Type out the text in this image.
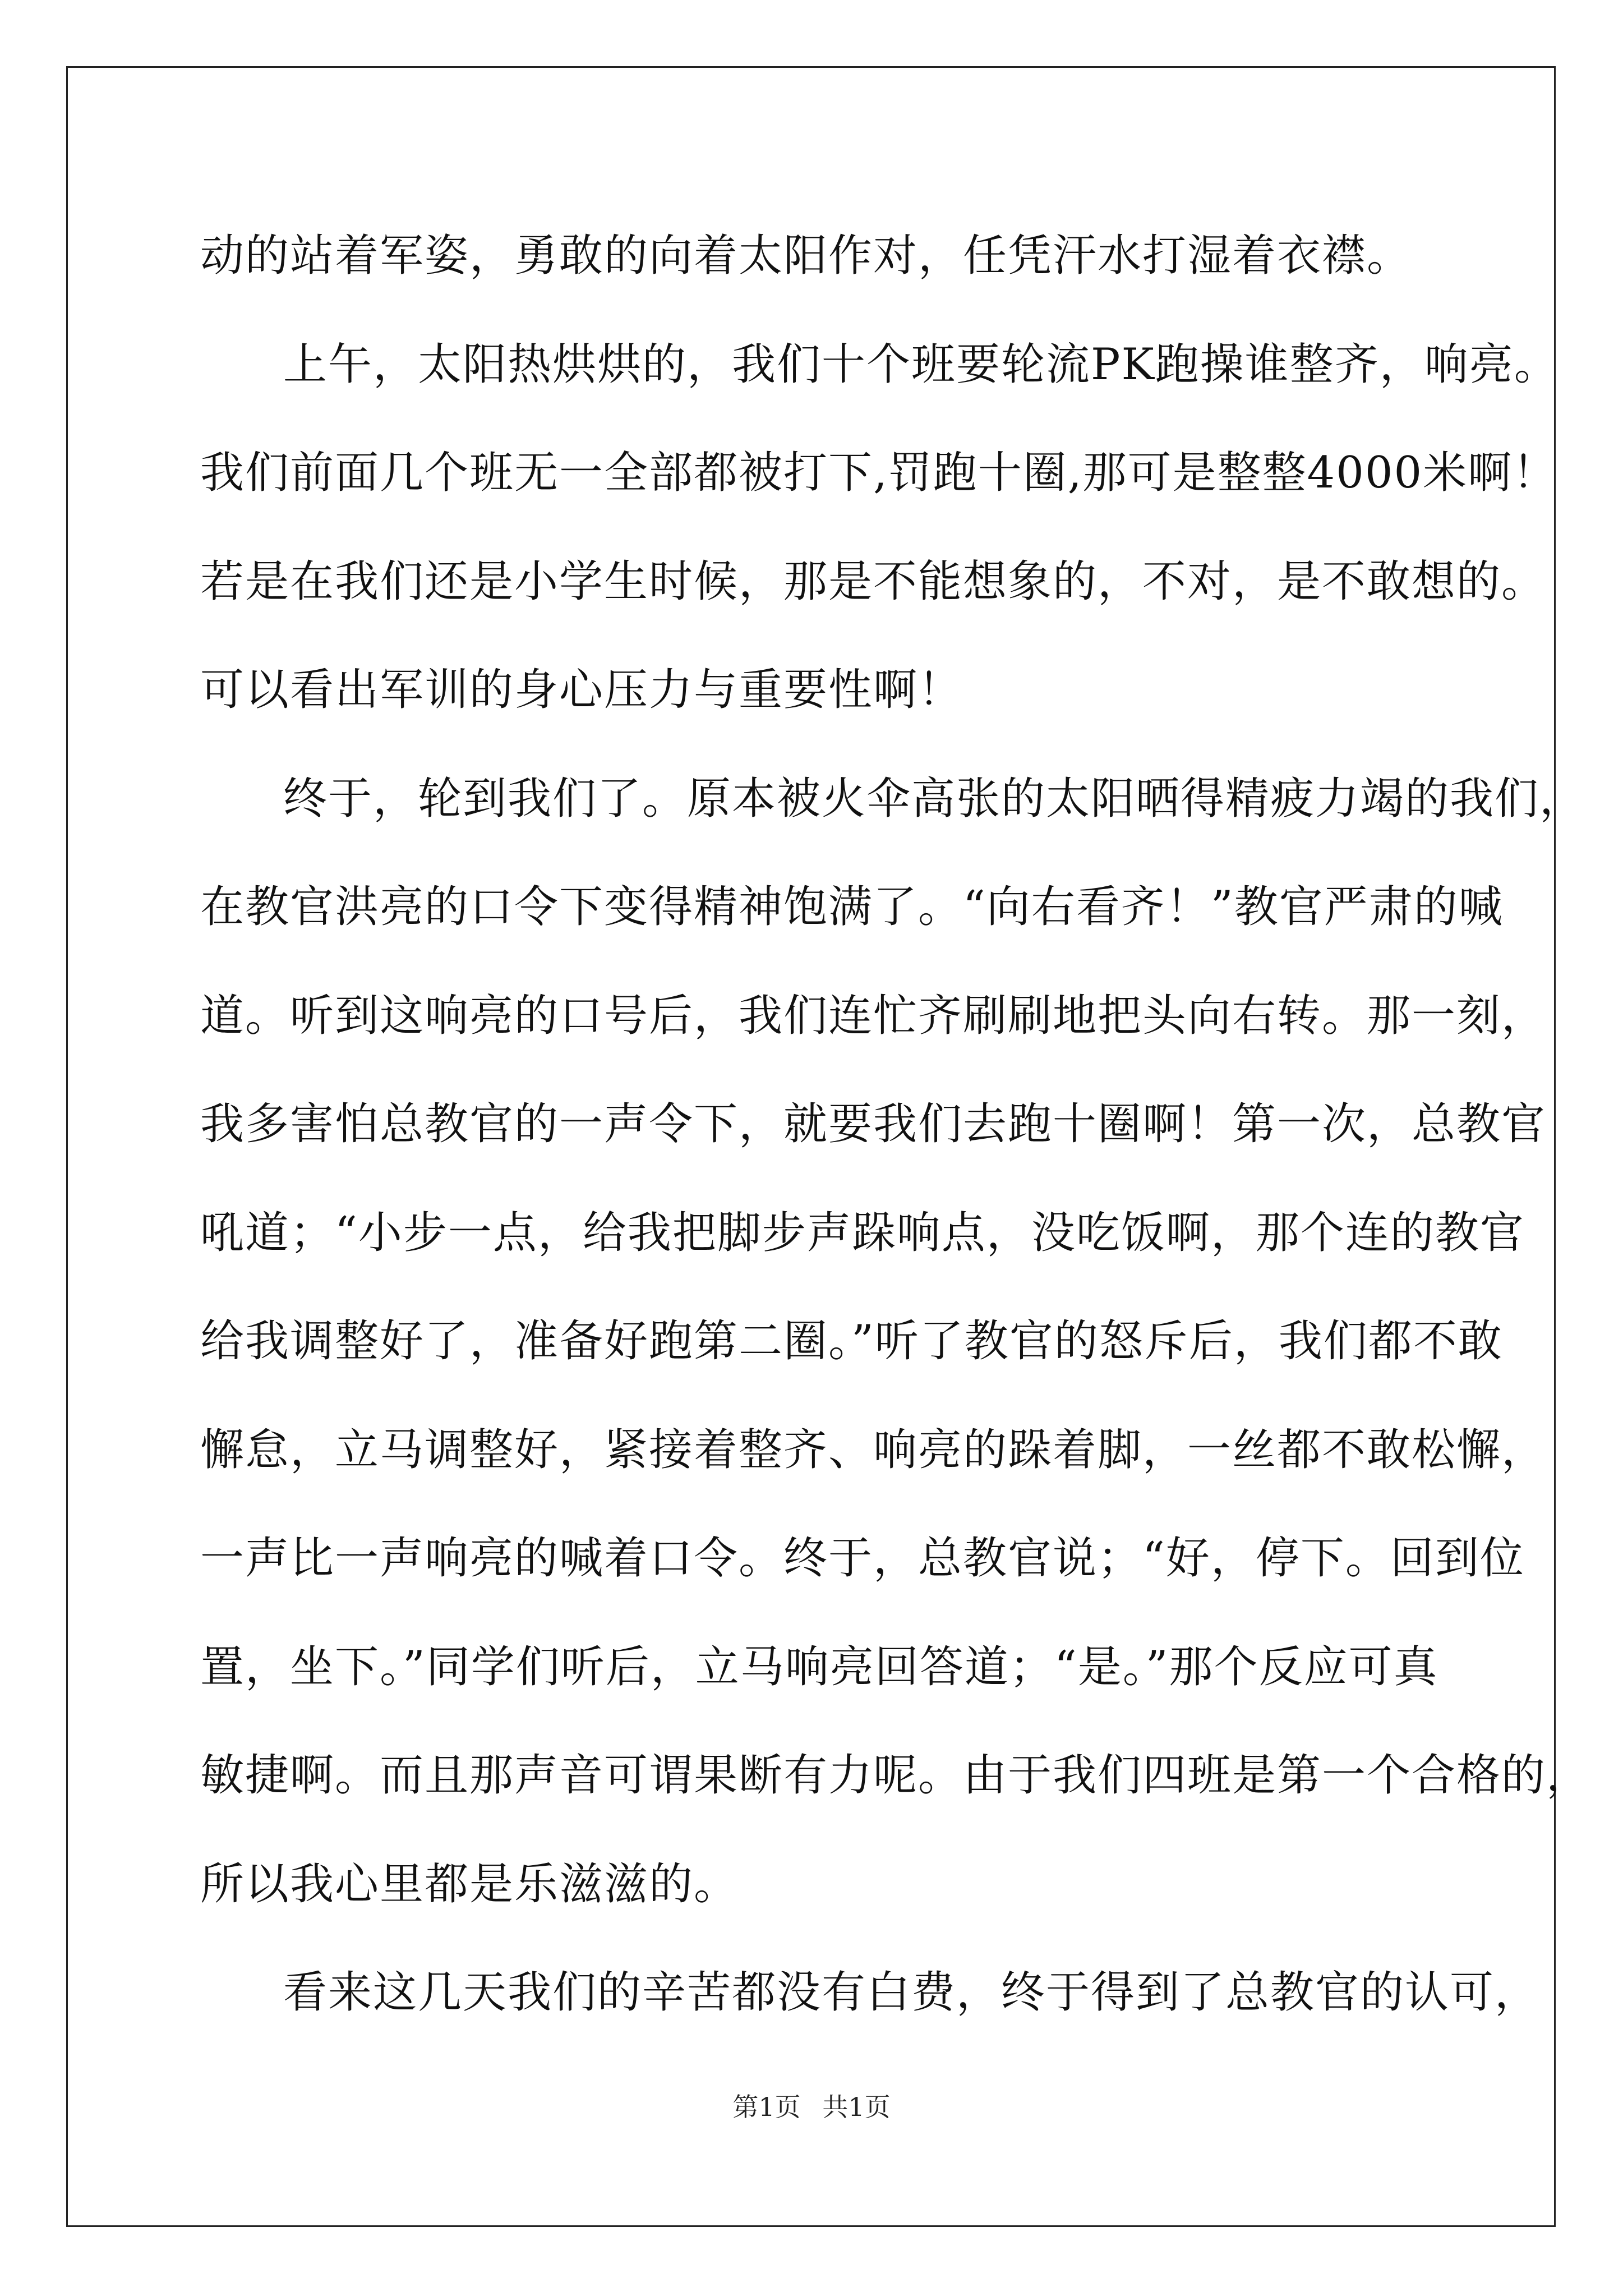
动的站着军姿，勇敢的向着太阳作对，任凭汗水打湿着衣襟。
上午，太阳热烘烘的，我们十个班要轮流PK跑操谁整齐，响亮。
我们前面几个班无一全部都被打下,罚跑十圈,那可是整整4000米啊！
若是在我们还是小学生时候，那是不能想象的，不对，是不敢想的。
可以看出军训的身心压力与重要性啊！
终于，轮到我们了。原本被火伞高张的太阳晒得精疲力竭的我们，
在教官洪亮的口令下变得精神饱满了。“向右看齐！”教官严肃的喊
道。听到这响亮的口号后，我们连忙齐刷刷地把头向右转。那一刻，
我多害怕总教官的一声令下，就要我们去跑十圈啊！第一次，总教官
吼道；“小步一点，给我把脚步声跺响点，没吃饭啊，那个连的教官
给我调整好了，准备好跑第二圈。”听了教官的怒斥后，我们都不敢
懈怠，立马调整好，紧接着整齐、响亮的跺着脚，一丝都不敢松懈，
一声比一声响亮的喊着口令。终于，总教官说；“好，停下。回到位
置，坐下。”同学们听后，立马响亮回答道；“是。”那个反应可真
敏捷啊。而且那声音可谓果断有力呢。由于我们四班是第一个合格的，
所以我心里都是乐滋滋的。
看来这几天我们的辛苦都没有白费，终于得到了总教官的认可，
第1页 共1页
